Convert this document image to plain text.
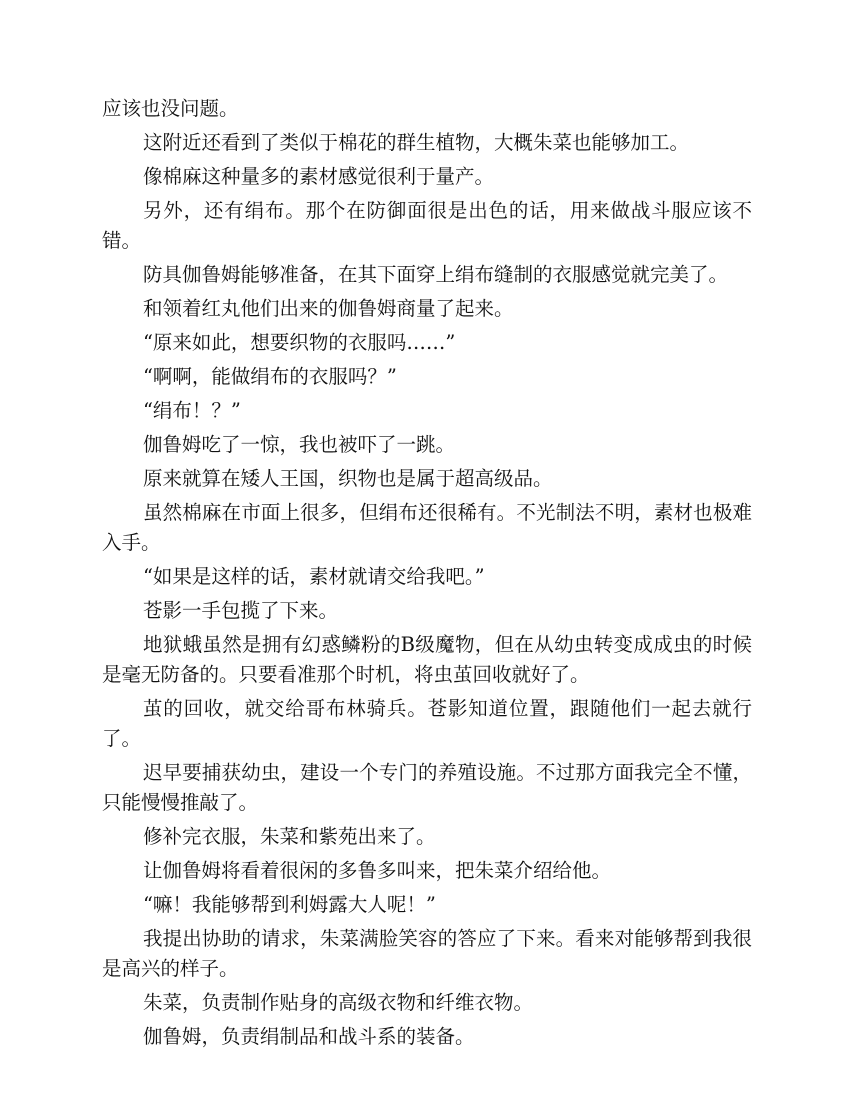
应该也没问题。

这附近还看到了类似于棉花的群生植物，大概朱菜也能够加工。

像棉麻这种量多的素材感觉很利于量产。

另外，还有绢布。那个在防御面很是出色的话，用来做战斗服应该不错。

防具伽鲁姆能够准备，在其下面穿上绢布缝制的衣服感觉就完美了。

和领着红丸他们出来的伽鲁姆商量了起来。

“原来如此，想要织物的衣服吗……”

“啊啊，能做绢布的衣服吗？”

“绢布！？”

伽鲁姆吃了一惊，我也被吓了一跳。

原来就算在矮人王国，织物也是属于超高级品。

虽然棉麻在市面上很多，但绢布还很稀有。不光制法不明，素材也极难入手。

“如果是这样的话，素材就请交给我吧。”

苍影一手包揽了下来。

地狱蛾虽然是拥有幻惑鳞粉的B级魔物，但在从幼虫转变成成虫的时候是毫无防备的。只要看准那个时机，将虫茧回收就好了。

茧的回收，就交给哥布林骑兵。苍影知道位置，跟随他们一起去就行了。

迟早要捕获幼虫，建设一个专门的养殖设施。不过那方面我完全不懂，只能慢慢推敲了。

修补完衣服，朱菜和紫苑出来了。

让伽鲁姆将看着很闲的多鲁多叫来，把朱菜介绍给他。

“嘛！我能够帮到利姆露大人呢！”

我提出协助的请求，朱菜满脸笑容的答应了下来。看来对能够帮到我很是高兴的样子。

朱菜，负责制作贴身的高级衣物和纤维衣物。

伽鲁姆，负责绢制品和战斗系的装备。
